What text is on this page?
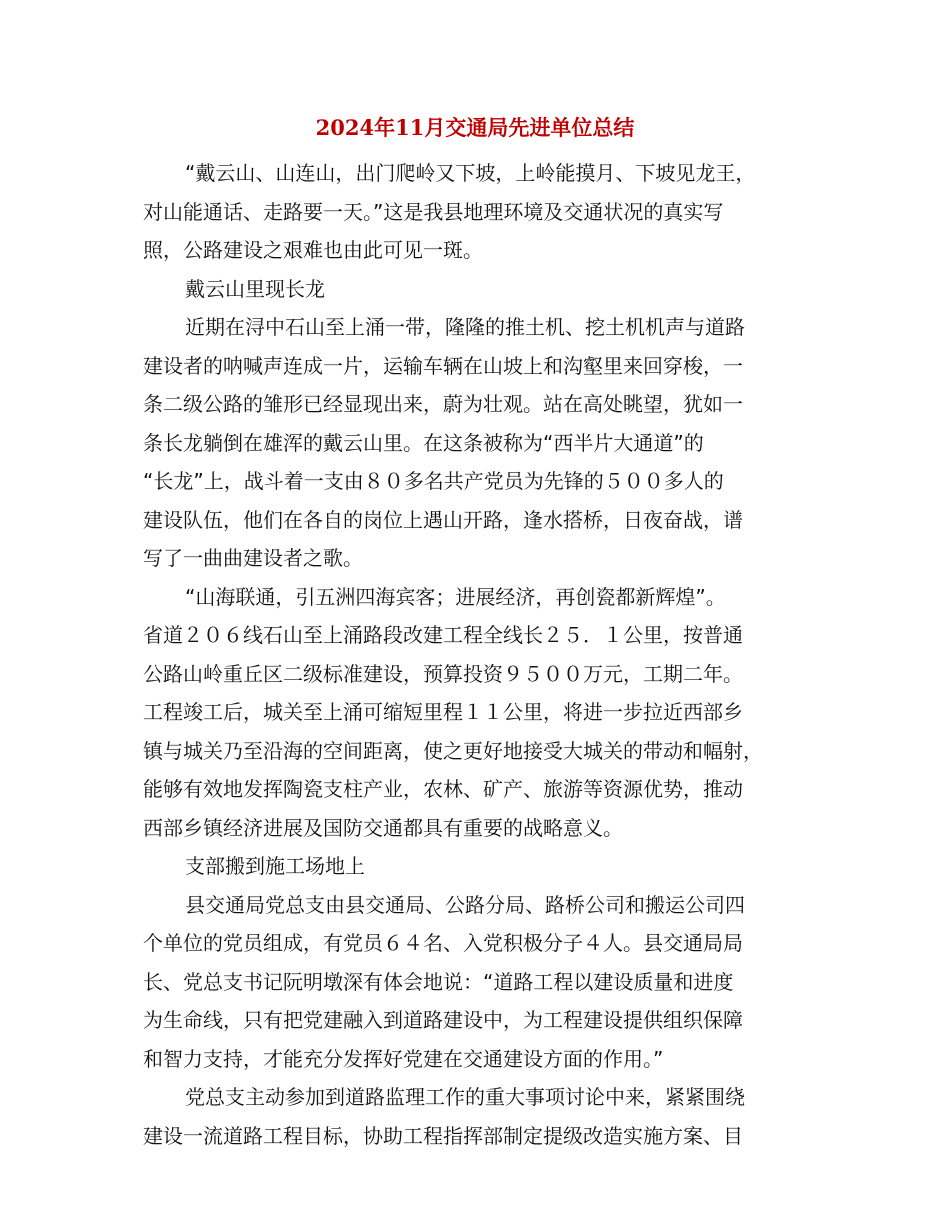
2024年11月交通局先进单位总结

“戴云山、山连山，出门爬岭又下坡，上岭能摸月、下坡见龙王，

对山能通话、走路要一天。”这是我县地理环境及交通状况的真实写

照，公路建设之艰难也由此可见一斑。

戴云山里现长龙

近期在浔中石山至上涌一带，隆隆的推土机、挖土机机声与道路

建设者的呐喊声连成一片，运输车辆在山坡上和沟壑里来回穿梭，一

条二级公路的雏形已经显现出来，蔚为壮观。站在高处眺望，犹如一

条长龙躺倒在雄浑的戴云山里。在这条被称为“西半片大通道”的

“长龙”上，战斗着一支由８０多名共产党员为先锋的５００多人的

建设队伍，他们在各自的岗位上遇山开路，逢水搭桥，日夜奋战，谱

写了一曲曲建设者之歌。

“山海联通，引五洲四海宾客；进展经济，再创瓷都新辉煌”。

省道２０６线石山至上涌路段改建工程全线长２５．１公里，按普通

公路山岭重丘区二级标准建设，预算投资９５００万元，工期二年。

工程竣工后，城关至上涌可缩短里程１１公里，将进一步拉近西部乡

镇与城关乃至沿海的空间距离，使之更好地接受大城关的带动和幅射，

能够有效地发挥陶瓷支柱产业，农林、矿产、旅游等资源优势，推动

西部乡镇经济进展及国防交通都具有重要的战略意义。

支部搬到施工场地上

县交通局党总支由县交通局、公路分局、路桥公司和搬运公司四

个单位的党员组成，有党员６４名、入党积极分子４人。县交通局局

长、党总支书记阮明墩深有体会地说：“道路工程以建设质量和进度

为生命线，只有把党建融入到道路建设中，为工程建设提供组织保障

和智力支持，才能充分发挥好党建在交通建设方面的作用。”

党总支主动参加到道路监理工作的重大事项讨论中来，紧紧围绕

建设一流道路工程目标，协助工程指挥部制定提级改造实施方案、目
